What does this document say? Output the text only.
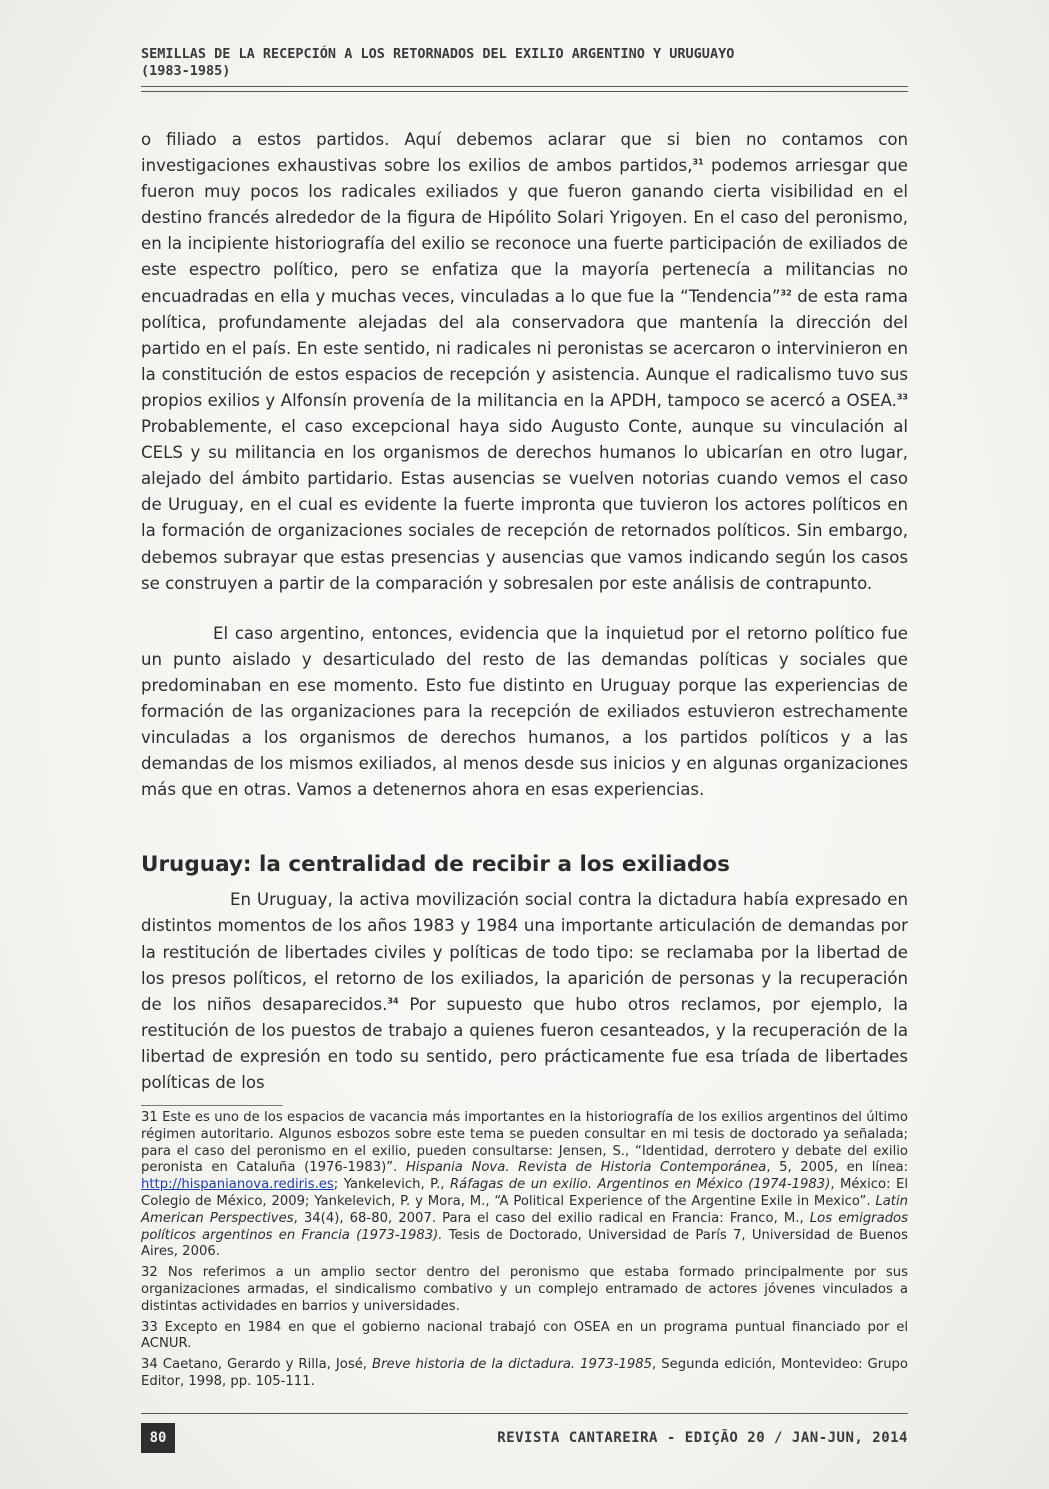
SEMILLAS DE LA RECEPCIÓN A LOS RETORNADOS DEL EXILIO ARGENTINO Y URUGUAYO
(1983-1985)

o filiado a estos partidos. Aquí debemos aclarar que si bien no contamos con investigaciones exhaustivas sobre los exilios de ambos partidos,$^{31}$ podemos arriesgar que fueron muy pocos los radicales exiliados y que fueron ganando cierta visibilidad en el destino francés alrededor de la figura de Hipólito Solari Yrigoyen. En el caso del peronismo, en la incipiente historiografía del exilio se reconoce una fuerte participación de exiliados de este espectro político, pero se enfatiza que la mayoría pertenecía a militancias no encuadradas en ella y muchas veces, vinculadas a lo que fue la “Tendencia”$^{32}$ de esta rama política, profundamente alejadas del ala conservadora que mantenía la dirección del partido en el país. En este sentido, ni radicales ni peronistas se acercaron o intervinieron en la constitución de estos espacios de recepción y asistencia. Aunque el radicalismo tuvo sus propios exilios y Alfonsín provenía de la militancia en la APDH, tampoco se acercó a OSEA.$^{33}$ Probablemente, el caso excepcional haya sido Augusto Conte, aunque su vinculación al CELS y su militancia en los organismos de derechos humanos lo ubicarían en otro lugar, alejado del ámbito partidario. Estas ausencias se vuelven notorias cuando vemos el caso de Uruguay, en el cual es evidente la fuerte impronta que tuvieron los actores políticos en la formación de organizaciones sociales de recepción de retornados políticos. Sin embargo, debemos subrayar que estas presencias y ausencias que vamos indicando según los casos se construyen a partir de la comparación y sobresalen por este análisis de contrapunto.

El caso argentino, entonces, evidencia que la inquietud por el retorno político fue un punto aislado y desarticulado del resto de las demandas políticas y sociales que predominaban en ese momento. Esto fue distinto en Uruguay porque las experiencias de formación de las organizaciones para la recepción de exiliados estuvieron estrechamente vinculadas a los organismos de derechos humanos, a los partidos políticos y a las demandas de los mismos exiliados, al menos desde sus inicios y en algunas organizaciones más que en otras. Vamos a detenernos ahora en esas experiencias.

Uruguay: la centralidad de recibir a los exiliados

En Uruguay, la activa movilización social contra la dictadura había expresado en distintos momentos de los años 1983 y 1984 una importante articulación de demandas por la restitución de libertades civiles y políticas de todo tipo: se reclamaba por la libertad de los presos políticos, el retorno de los exiliados, la aparición de personas y la recuperación de los niños desaparecidos.$^{34}$ Por supuesto que hubo otros reclamos, por ejemplo, la restitución de los puestos de trabajo a quienes fueron cesanteados, y la recuperación de la libertad de expresión en todo su sentido, pero prácticamente fue esa tríada de libertades políticas de los

31 Este es uno de los espacios de vacancia más importantes en la historiografía de los exilios argentinos del último régimen autoritario. Algunos esbozos sobre este tema se pueden consultar en mi tesis de doctorado ya señalada; para el caso del peronismo en el exilio, pueden consultarse: Jensen, S., “Identidad, derrotero y debate del exilio peronista en Cataluña (1976-1983)”. Hispania Nova. Revista de Historia Contemporánea, 5, 2005, en línea: http://hispanianova.rediris.es; Yankelevich, P., Ráfagas de un exilio. Argentinos en México (1974-1983), México: El Colegio de México, 2009; Yankelevich, P. y Mora, M., “A Political Experience of the Argentine Exile in Mexico”. Latin American Perspectives, 34(4), 68-80, 2007. Para el caso del exilio radical en Francia: Franco, M., Los emigrados políticos argentinos en Francia (1973-1983). Tesis de Doctorado, Universidad de París 7, Universidad de Buenos Aires, 2006.

32 Nos referimos a un amplio sector dentro del peronismo que estaba formado principalmente por sus organizaciones armadas, el sindicalismo combativo y un complejo entramado de actores jóvenes vinculados a distintas actividades en barrios y universidades.

33 Excepto en 1984 en que el gobierno nacional trabajó con OSEA en un programa puntual financiado por el ACNUR.

34 Caetano, Gerardo y Rilla, José, Breve historia de la dictadura. 1973-1985, Segunda edición, Montevideo: Grupo Editor, 1998, pp. 105-111.

80	REVISTA CANTAREIRA - EDIÇÃO 20 / JAN-JUN, 2014
